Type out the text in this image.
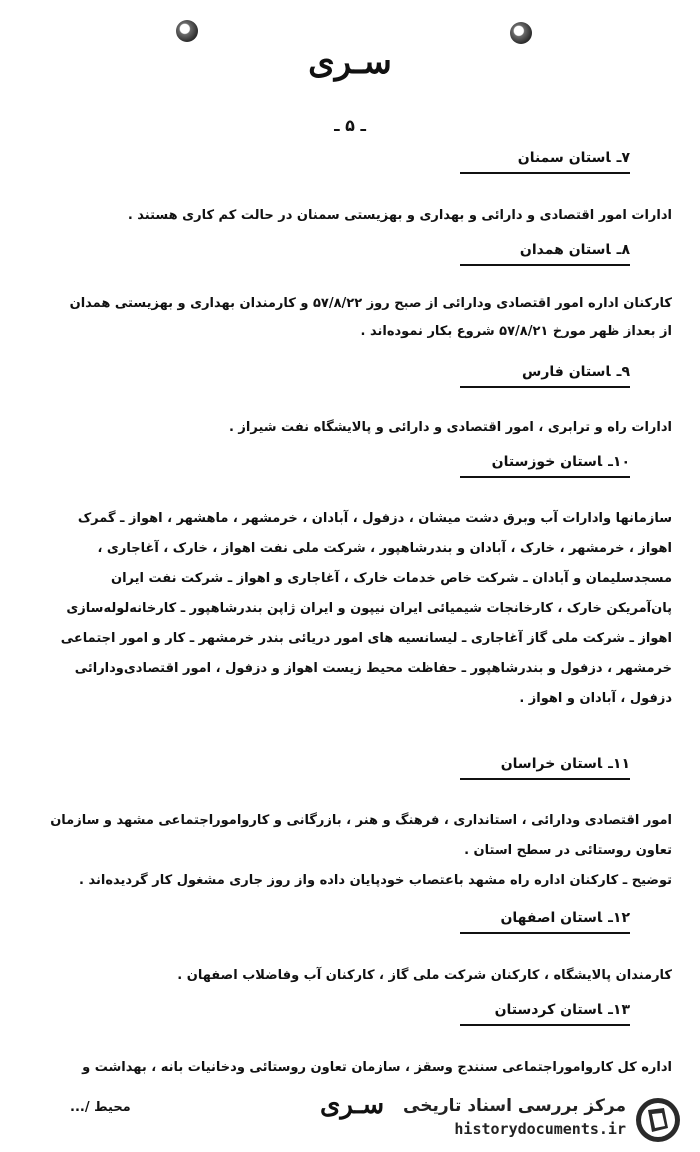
سـری
ـ ۵ ـ
۷ـاستان سمنان
ادارات امور اقتصادی و دارائی و بهداری و بهزیستی سمنان در حالت کم کاری هستند .
۸ـاستان همدان
کارکنان اداره امور اقتصادی ودارائی از صبح روز ۵۷/۸/۲۲ و کارمندان بهداری و بهزیستی همدان
از بعداز ظهر مورخ ۵۷/۸/۲۱ شروع بکار نموده‌اند .
۹ـاستان فارس
ادارات راه و ترابری ، امور اقتصادی و دارائی و پالایشگاه نفت شیراز .
۱۰ـاستان خوزستان
سازمانها وادارات آب وبرق دشت میشان ، دزفول ، آبادان ، خرمشهر ، ماهشهر ، اهواز ـ گمرک
اهواز ، خرمشهر ، خارک ، آبادان و بندرشاهپور ، شرکت ملی نفت اهواز ، خارک ، آغاجاری ،
مسجدسلیمان و آبادان ـ شرکت خاص خدمات خارک ، آغاجاری و اهواز ـ شرکت نفت ایران
پان‌آمریکن خارک ، کارخانجات شیمیائی ایران نیپون و ایران ژاپن بندرشاهپور ـ کارخانه‌لوله‌سازی
اهواز ـ شرکت ملی گاز آغاجاری ـ لیسانسیه های امور دریائی بندر خرمشهر ـ کار و امور اجتماعی
خرمشهر ، دزفول و بندرشاهپور ـ حفاظت محیط زیست اهواز و دزفول ، امور اقتصادی‌ودارائی
دزفول ، آبادان و اهواز .
۱۱ـاستان خراسان
امور اقتصادی ودارائی ، استانداری ، فرهنگ و هنر ، بازرگانی و کارو‌امور‌اجتماعی مشهد و سازمان
تعاون روستائی در سطح استان .
توضیح ـ کارکنان اداره راه مشهد باعتصاب خودپایان داده واز روز جاری مشغول کار گردیده‌اند .
۱۲ـاستان اصفهان
کارمندان پالایشگاه ، کارکنان شرکت ملی گاز ، کارکنان آب وفاضلاب اصفهان .
۱۳ـاستان کردستان
اداره کل کارو‌امور‌اجتماعی سنندج وسقز ، سازمان تعاون روستائی ودخانیات بانه ، بهداشت و
محیط /...	سـری مرکز بررسی اسناد تاریخی
historydocuments.ir
